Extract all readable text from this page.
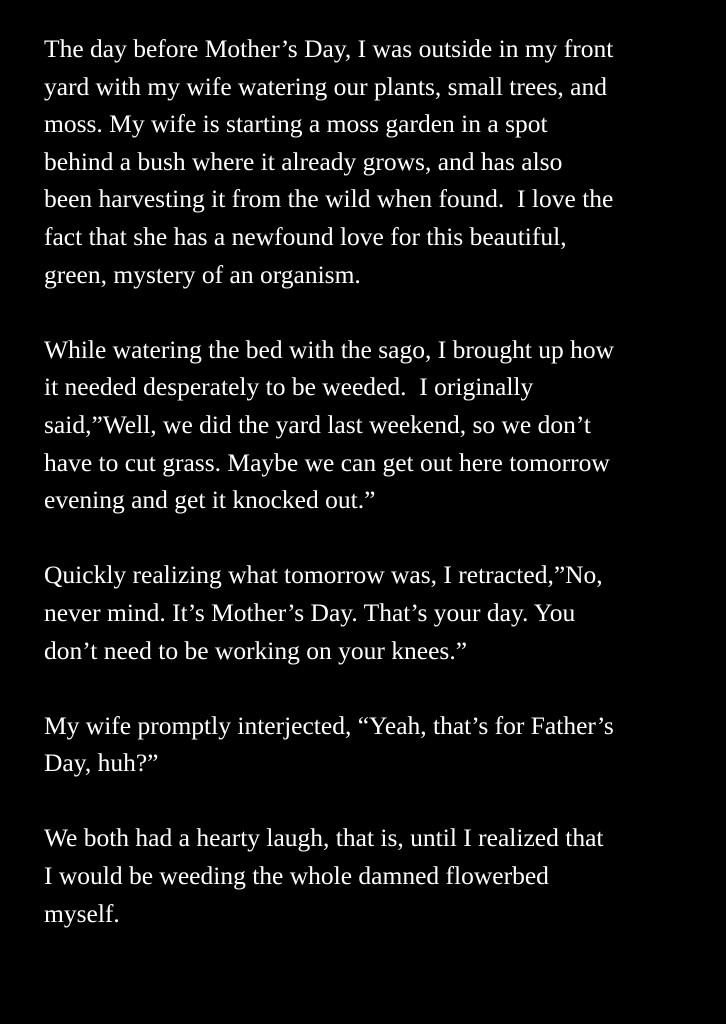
The day before Mother’s Day, I was outside in my front
yard with my wife watering our plants, small trees, and
moss. My wife is starting a moss garden in a spot
behind a bush where it already grows, and has also
been harvesting it from the wild when found.  I love the
fact that she has a newfound love for this beautiful,
green, mystery of an organism.

While watering the bed with the sago, I brought up how
it needed desperately to be weeded.  I originally
said,”Well, we did the yard last weekend, so we don’t
have to cut grass. Maybe we can get out here tomorrow
evening and get it knocked out.”

Quickly realizing what tomorrow was, I retracted,”No,
never mind. It’s Mother’s Day. That’s your day. You
don’t need to be working on your knees.”

My wife promptly interjected, “Yeah, that’s for Father’s
Day, huh?”

We both had a hearty laugh, that is, until I realized that
I would be weeding the whole damned flowerbed
myself.
